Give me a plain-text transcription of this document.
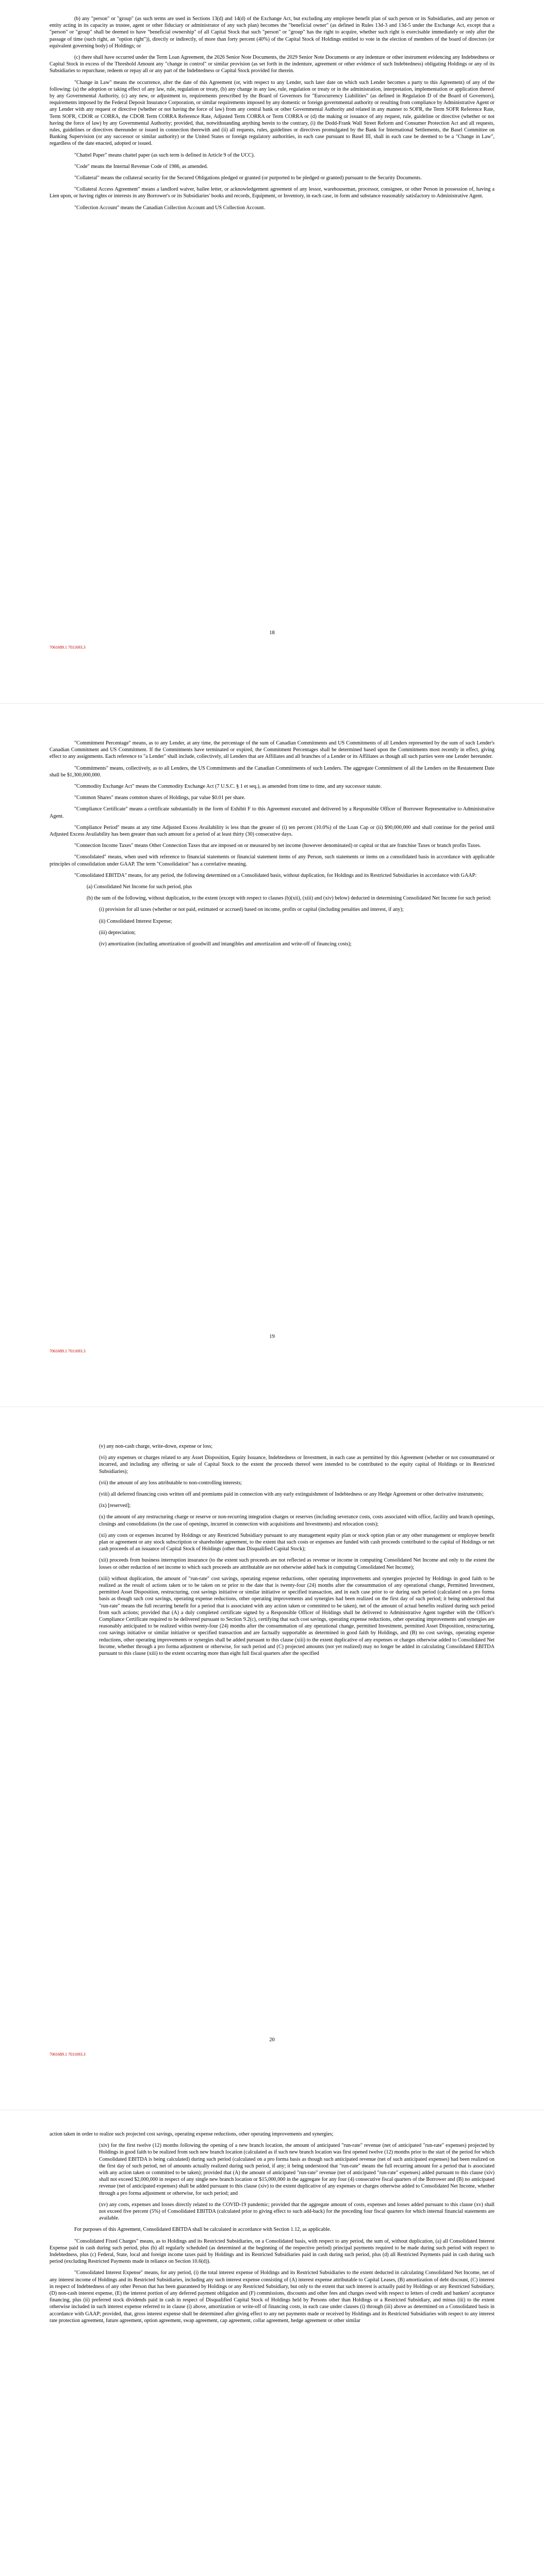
(b) any "person" or "group" (as such terms are used in Sections 13(d) and 14(d) of the Exchange Act, but excluding any employee benefit plan of such person or its Subsidiaries, and any person or entity acting in its capacity as trustee, agent or other fiduciary or administrator of any such plan) becomes the "beneficial owner" (as defined in Rules 13d-3 and 13d-5 under the Exchange Act, except that a "person" or "group" shall be deemed to have "beneficial ownership" of all Capital Stock that such "person" or "group" has the right to acquire, whether such right is exercisable immediately or only after the passage of time (such right, an "option right")), directly or indirectly, of more than forty percent (40%) of the Capital Stock of Holdings entitled to vote in the election of members of the board of directors (or equivalent governing body) of Holdings; or

(c) there shall have occurred under the Term Loan Agreement, the 2026 Senior Note Documents, the 2029 Senior Note Documents or any indenture or other instrument evidencing any Indebtedness or Capital Stock in excess of the Threshold Amount any "change in control" or similar provision (as set forth in the indenture, agreement or other evidence of such Indebtedness) obligating Holdings or any of its Subsidiaries to repurchase, redeem or repay all or any part of the Indebtedness or Capital Stock provided for therein.

"Change in Law" means the occurrence, after the date of this Agreement (or, with respect to any Lender, such later date on which such Lender becomes a party to this Agreement) of any of the following: (a) the adoption or taking effect of any law, rule, regulation or treaty, (b) any change in any law, rule, regulation or treaty or in the administration, interpretation, implementation or application thereof by any Governmental Authority, (c) any new, or adjustment to, requirements prescribed by the Board of Governors for "Eurocurrency Liabilities" (as defined in Regulation D of the Board of Governors), requirements imposed by the Federal Deposit Insurance Corporation, or similar requirements imposed by any domestic or foreign governmental authority or resulting from compliance by Administrative Agent or any Lender with any request or directive (whether or not having the force of law) from any central bank or other Governmental Authority and related in any manner to SOFR, the Term SOFR Reference Rate, Term SOFR, CDOR or CORRA, the CDOR Term CORRA Reference Rate, Adjusted Term CORRA or Term CORRA or (d) the making or issuance of any request, rule, guideline or directive (whether or not having the force of law) by any Governmental Authority; provided, that, notwithstanding anything herein to the contrary, (i) the Dodd-Frank Wall Street Reform and Consumer Protection Act and all requests, rules, guidelines or directives thereunder or issued in connection therewith and (ii) all requests, rules, guidelines or directives promulgated by the Bank for International Settlements, the Basel Committee on Banking Supervision (or any successor or similar authority) or the United States or foreign regulatory authorities, in each case pursuant to Basel III, shall in each case be deemed to be a "Change in Law", regardless of the date enacted, adopted or issued.

"Chattel Paper" means chattel paper (as such term is defined in Article 9 of the UCC).

"Code" means the Internal Revenue Code of 1986, as amended.

"Collateral" means the collateral security for the Secured Obligations pledged or granted (or purported to be pledged or granted) pursuant to the Security Documents.

"Collateral Access Agreement" means a landlord waiver, bailee letter, or acknowledgement agreement of any lessor, warehouseman, processor, consignee, or other Person in possession of, having a Lien upon, or having rights or interests in any Borrower's or its Subsidiaries' books and records, Equipment, or Inventory, in each case, in form and substance reasonably satisfactory to Administrative Agent.

"Collection Account" means the Canadian Collection Account and US Collection Account.

18
7061689.1 7011693.3

"Commitment Percentage" means, as to any Lender, at any time, the percentage of the sum of Canadian Commitments and US Commitments of all Lenders represented by the sum of such Lender's Canadian Commitment and US Commitment. If the Commitments have terminated or expired, the Commitment Percentages shall be determined based upon the Commitments most recently in effect, giving effect to any assignments. Each reference to "a Lender" shall include, collectively, all Lenders that are Affiliates and all branches of a Lender or its Affiliates as though all such parties were one Lender hereunder.

"Commitments" means, collectively, as to all Lenders, the US Commitments and the Canadian Commitments of such Lenders. The aggregate Commitment of all the Lenders on the Restatement Date shall be $1,300,000,000.

"Commodity Exchange Act" means the Commodity Exchange Act (7 U.S.C. § 1 et seq.), as amended from time to time, and any successor statute.

"Common Shares" means common shares of Holdings, par value $0.01 per share.

"Compliance Certificate" means a certificate substantially in the form of Exhibit F to this Agreement executed and delivered by a Responsible Officer of Borrower Representative to Administrative Agent.

"Compliance Period" means at any time Adjusted Excess Availability is less than the greater of (i) ten percent (10.0%) of the Loan Cap or (ii) $90,000,000 and shall continue for the period until Adjusted Excess Availability has been greater than such amount for a period of at least thirty (30) consecutive days.

"Connection Income Taxes" means Other Connection Taxes that are imposed on or measured by net income (however denominated) or capital or that are franchise Taxes or branch profits Taxes.

"Consolidated" means, when used with reference to financial statements or financial statement items of any Person, such statements or items on a consolidated basis in accordance with applicable principles of consolidation under GAAP. The term "Consolidation" has a correlative meaning.

"Consolidated EBITDA" means, for any period, the following determined on a Consolidated basis, without duplication, for Holdings and its Restricted Subsidiaries in accordance with GAAP:

(a) Consolidated Net Income for such period, plus

(b) the sum of the following, without duplication, to the extent (except with respect to clauses (b)(xii), (xiii) and (xiv) below) deducted in determining Consolidated Net Income for such period:

(i) provision for all taxes (whether or not paid, estimated or accrued) based on income, profits or capital (including penalties and interest, if any);

(ii) Consolidated Interest Expense;

(iii) depreciation;

(iv) amortization (including amortization of goodwill and intangibles and amortization and write-off of financing costs);

19
7061689.1 7011693.3

(v) any non-cash charge, write-down, expense or loss;

(vi) any expenses or charges related to any Asset Disposition, Equity Issuance, Indebtedness or Investment, in each case as permitted by this Agreement (whether or not consummated or incurred, and including any offering or sale of Capital Stock to the extent the proceeds thereof were intended to be contributed to the equity capital of Holdings or its Restricted Subsidiaries);

(vii) the amount of any loss attributable to non-controlling interests;

(viii) all deferred financing costs written off and premiums paid in connection with any early extinguishment of Indebtedness or any Hedge Agreement or other derivative instruments;

(ix) [reserved];

(x) the amount of any restructuring charge or reserve or non-recurring integration charges or reserves (including severance costs, costs associated with office, facility and branch openings, closings and consolidations (in the case of openings, incurred in connection with acquisitions and Investments) and relocation costs);

(xi) any costs or expenses incurred by Holdings or any Restricted Subsidiary pursuant to any management equity plan or stock option plan or any other management or employee benefit plan or agreement or any stock subscription or shareholder agreement, to the extent that such costs or expenses are funded with cash proceeds contributed to the capital of Holdings or net cash proceeds of an issuance of Capital Stock of Holdings (other than Disqualified Capital Stock);

(xii) proceeds from business interruption insurance (to the extent such proceeds are not reflected as revenue or income in computing Consolidated Net Income and only to the extent the losses or other reduction of net income to which such proceeds are attributable are not otherwise added back in computing Consolidated Net Income);

(xiii) without duplication, the amount of "run-rate" cost savings, operating expense reductions, other operating improvements and synergies projected by Holdings in good faith to be realized as the result of actions taken or to be taken on or prior to the date that is twenty-four (24) months after the consummation of any operational change, Permitted Investment, permitted Asset Disposition, restructuring, cost savings initiative or similar initiative or specified transaction, and in each case prior to or during such period (calculated on a pro forma basis as though such cost savings, operating expense reductions, other operating improvements and synergies had been realized on the first day of such period; it being understood that "run-rate" means the full recurring benefit for a period that is associated with any action taken or committed to be taken), net of the amount of actual benefits realized during such period from such actions; provided that (A) a duly completed certificate signed by a Responsible Officer of Holdings shall be delivered to Administrative Agent together with the Officer's Compliance Certificate required to be delivered pursuant to Section 9.2(c), certifying that such cost savings, operating expense reductions, other operating improvements and synergies are reasonably anticipated to be realized within twenty-four (24) months after the consummation of any operational change, permitted Investment, permitted Asset Disposition, restructuring, cost savings initiative or similar initiative or specified transaction and are factually supportable as determined in good faith by Holdings, and (B) no cost savings, operating expense reductions, other operating improvements or synergies shall be added pursuant to this clause (xiii) to the extent duplicative of any expenses or charges otherwise added to Consolidated Net Income, whether through a pro forma adjustment or otherwise, for such period and (C) projected amounts (not yet realized) may no longer be added in calculating Consolidated EBITDA pursuant to this clause (xiii) to the extent occurring more than eight full fiscal quarters after the specified

20
7061689.1 7011693.3

action taken in order to realize such projected cost savings, operating expense reductions, other operating improvements and synergies;

(xiv) for the first twelve (12) months following the opening of a new branch location, the amount of anticipated "run-rate" revenue (net of anticipated "run-rate" expenses) projected by Holdings in good faith to be realized from such new branch location (calculated as if such new branch location was first opened twelve (12) months prior to the start of the period for which Consolidated EBITDA is being calculated) during such period (calculated on a pro forma basis as though such anticipated revenue (net of such anticipated expenses) had been realized on the first day of such period, net of amounts actually realized during such period, if any; it being understood that "run-rate" means the full recurring amount for a period that is associated with any action taken or committed to be taken); provided that (A) the amount of anticipated "run-rate" revenue (net of anticipated "run-rate" expenses) added pursuant to this clause (xiv) shall not exceed $2,000,000 in respect of any single new branch location or $15,000,000 in the aggregate for any four (4) consecutive fiscal quarters of the Borrower and (B) no anticipated revenue (net of anticipated expenses) shall be added pursuant to this clause (xiv) to the extent duplicative of any expenses or charges otherwise added to Consolidated Net Income, whether through a pro forma adjustment or otherwise, for such period; and

(xv) any costs, expenses and losses directly related to the COVID-19 pandemic; provided that the aggregate amount of costs, expenses and losses added pursuant to this clause (xv) shall not exceed five percent (5%) of Consolidated EBITDA (calculated prior to giving effect to such add-back) for the preceding four fiscal quarters for which internal financial statements are available.

For purposes of this Agreement, Consolidated EBITDA shall be calculated in accordance with Section 1.12, as applicable.

"Consolidated Fixed Charges" means, as to Holdings and its Restricted Subsidiaries, on a Consolidated basis, with respect to any period, the sum of, without duplication, (a) all Consolidated Interest Expense paid in cash during such period, plus (b) all regularly scheduled (as determined at the beginning of the respective period) principal payments required to be made during such period with respect to Indebtedness, plus (c) Federal, State, local and foreign income taxes paid by Holdings and its Restricted Subsidiaries paid in cash during such period, plus (d) all Restricted Payments paid in cash during such period (excluding Restricted Payments made in reliance on Section 10.6(d)).

"Consolidated Interest Expense" means, for any period, (i) the total interest expense of Holdings and its Restricted Subsidiaries to the extent deducted in calculating Consolidated Net Income, net of any interest income of Holdings and its Restricted Subsidiaries, including any such interest expense consisting of (A) interest expense attributable to Capital Leases, (B) amortization of debt discount, (C) interest in respect of Indebtedness of any other Person that has been guaranteed by Holdings or any Restricted Subsidiary, but only to the extent that such interest is actually paid by Holdings or any Restricted Subsidiary, (D) non-cash interest expense, (E) the interest portion of any deferred payment obligation and (F) commissions, discounts and other fees and charges owed with respect to letters of credit and bankers' acceptance financing, plus (ii) preferred stock dividends paid in cash in respect of Disqualified Capital Stock of Holdings held by Persons other than Holdings or a Restricted Subsidiary, and minus (iii) to the extent otherwise included in such interest expense referred to in clause (i) above, amortization or write-off of financing costs, in each case under clauses (i) through (iii) above as determined on a Consolidated basis in accordance with GAAP; provided, that, gross interest expense shall be determined after giving effect to any net payments made or received by Holdings and its Restricted Subsidiaries with respect to any interest rate protection agreement, future agreement, option agreement, swap agreement, cap agreement, collar agreement, hedge agreement or other similar
